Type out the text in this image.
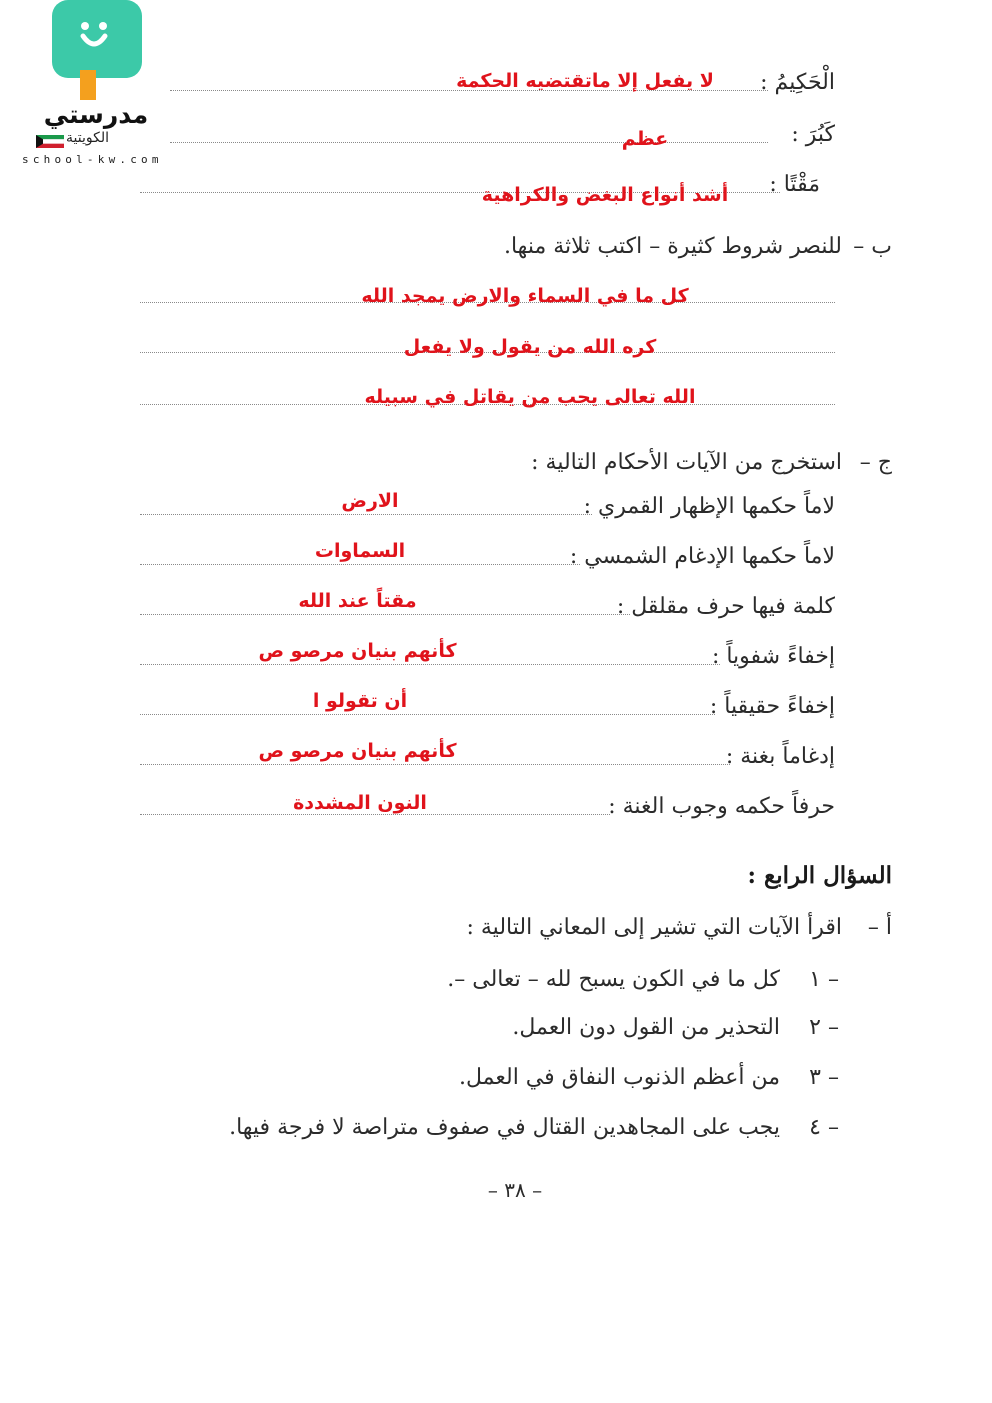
مدرستي
الكويتية
school-kw.com
الْحَكِيمُ :
لا يفعل إلا ماتقتضيه الحكمة
كَبُرَ :
عظم
مَقْتًا :
أشد أنواع البغض والكراهية
ب –
للنصر شروط كثيرة – اكتب ثلاثة منها.
كل ما في السماء والارض يمجد الله
كره الله من يقول ولا يفعل
الله تعالى يحب من يقاتل في سبيله
ج –
استخرج من الآيات الأحكام التالية :
لاماً حكمها الإظهار القمري :
الارض
لاماً حكمها الإدغام الشمسي :
السماوات
كلمة فيها حرف مقلقل :
مقتاً عند الله
إخفاءً شفوياً :
كأنهم بنيان مرصو ص
إخفاءً حقيقياً :
أن تقولو ا
إدغاماً بغنة :
كأنهم بنيان مرصو ص
حرفاً حكمه وجوب الغنة :
النون المشددة
السؤال الرابع :
أ –
اقرأ الآيات التي تشير إلى المعاني التالية :
١ –
كل ما في الكون يسبح لله – تعالى –.
٢ –
التحذير من القول دون العمل.
٣ –
من أعظم الذنوب النفاق في العمل.
٤ –
يجب على المجاهدين القتال في صفوف متراصة لا فرجة فيها.
– ٣٨ –
